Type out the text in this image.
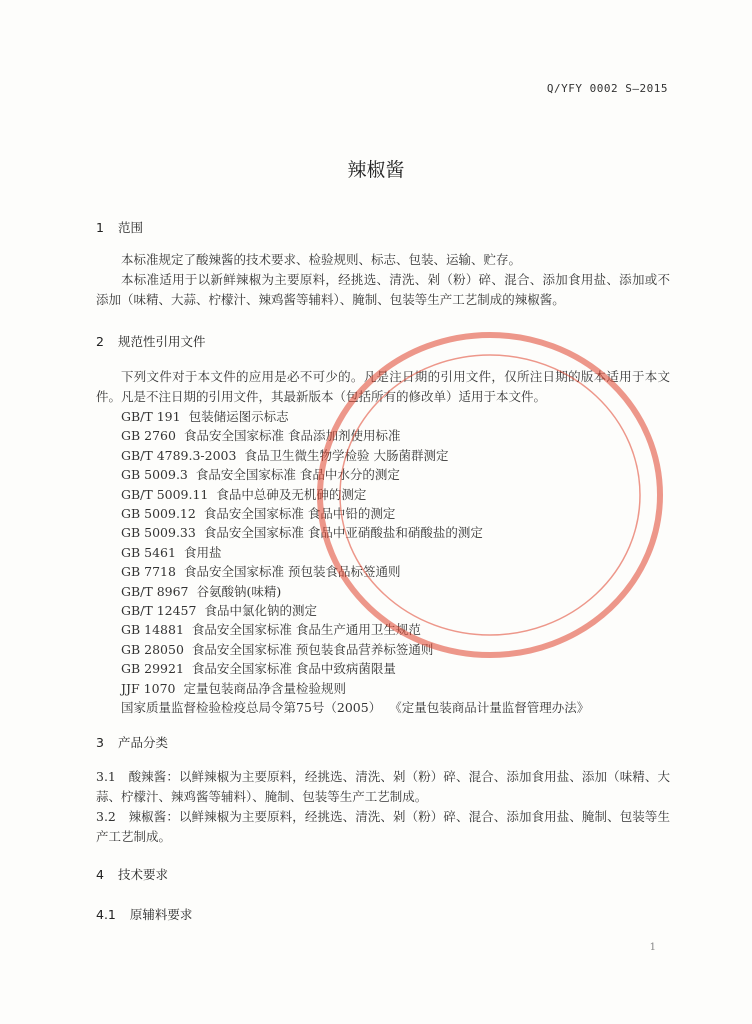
Q/YFY 0002 S—2015
辣椒酱
1 范围

本标准规定了酸辣酱的技术要求、检验规则、标志、包装、运输、贮存。

本标准适用于以新鲜辣椒为主要原料，经挑选、清洗、剁（粉）碎、混合、添加食用盐、添加或不添加（味精、大蒜、柠檬汁、辣鸡酱等辅料）、腌制、包装等生产工艺制成的辣椒酱。

2 规范性引用文件

下列文件对于本文件的应用是必不可少的。凡是注日期的引用文件，仅所注日期的版本适用于本文件。凡是不注日期的引用文件，其最新版本（包括所有的修改单）适用于本文件。

GB/T 191 包装储运图示标志
GB 2760 食品安全国家标准 食品添加剂使用标准
GB/T 4789.3-2003 食品卫生微生物学检验 大肠菌群测定
GB 5009.3 食品安全国家标准 食品中水分的测定
GB/T 5009.11 食品中总砷及无机砷的测定
GB 5009.12 食品安全国家标准 食品中铅的测定
GB 5009.33 食品安全国家标准 食品中亚硝酸盐和硝酸盐的测定
GB 5461 食用盐
GB 7718 食品安全国家标准 预包装食品标签通则
GB/T 8967 谷氨酸钠(味精)
GB/T 12457 食品中氯化钠的测定
GB 14881 食品安全国家标准 食品生产通用卫生规范
GB 28050 食品安全国家标准 预包装食品营养标签通则
GB 29921 食品安全国家标准 食品中致病菌限量
JJF 1070 定量包装商品净含量检验规则
国家质量监督检验检疫总局令第75号（2005） 《定量包装商品计量监督管理办法》
3 产品分类

3.1　酸辣酱：以鲜辣椒为主要原料，经挑选、清洗、剁（粉）碎、混合、添加食用盐、添加（味精、大蒜、柠檬汁、辣鸡酱等辅料）、腌制、包装等生产工艺制成。

3.2　辣椒酱：以鲜辣椒为主要原料，经挑选、清洗、剁（粉）碎、混合、添加食用盐、腌制、包装等生产工艺制成。

4 技术要求
4.1 原辅料要求
1
